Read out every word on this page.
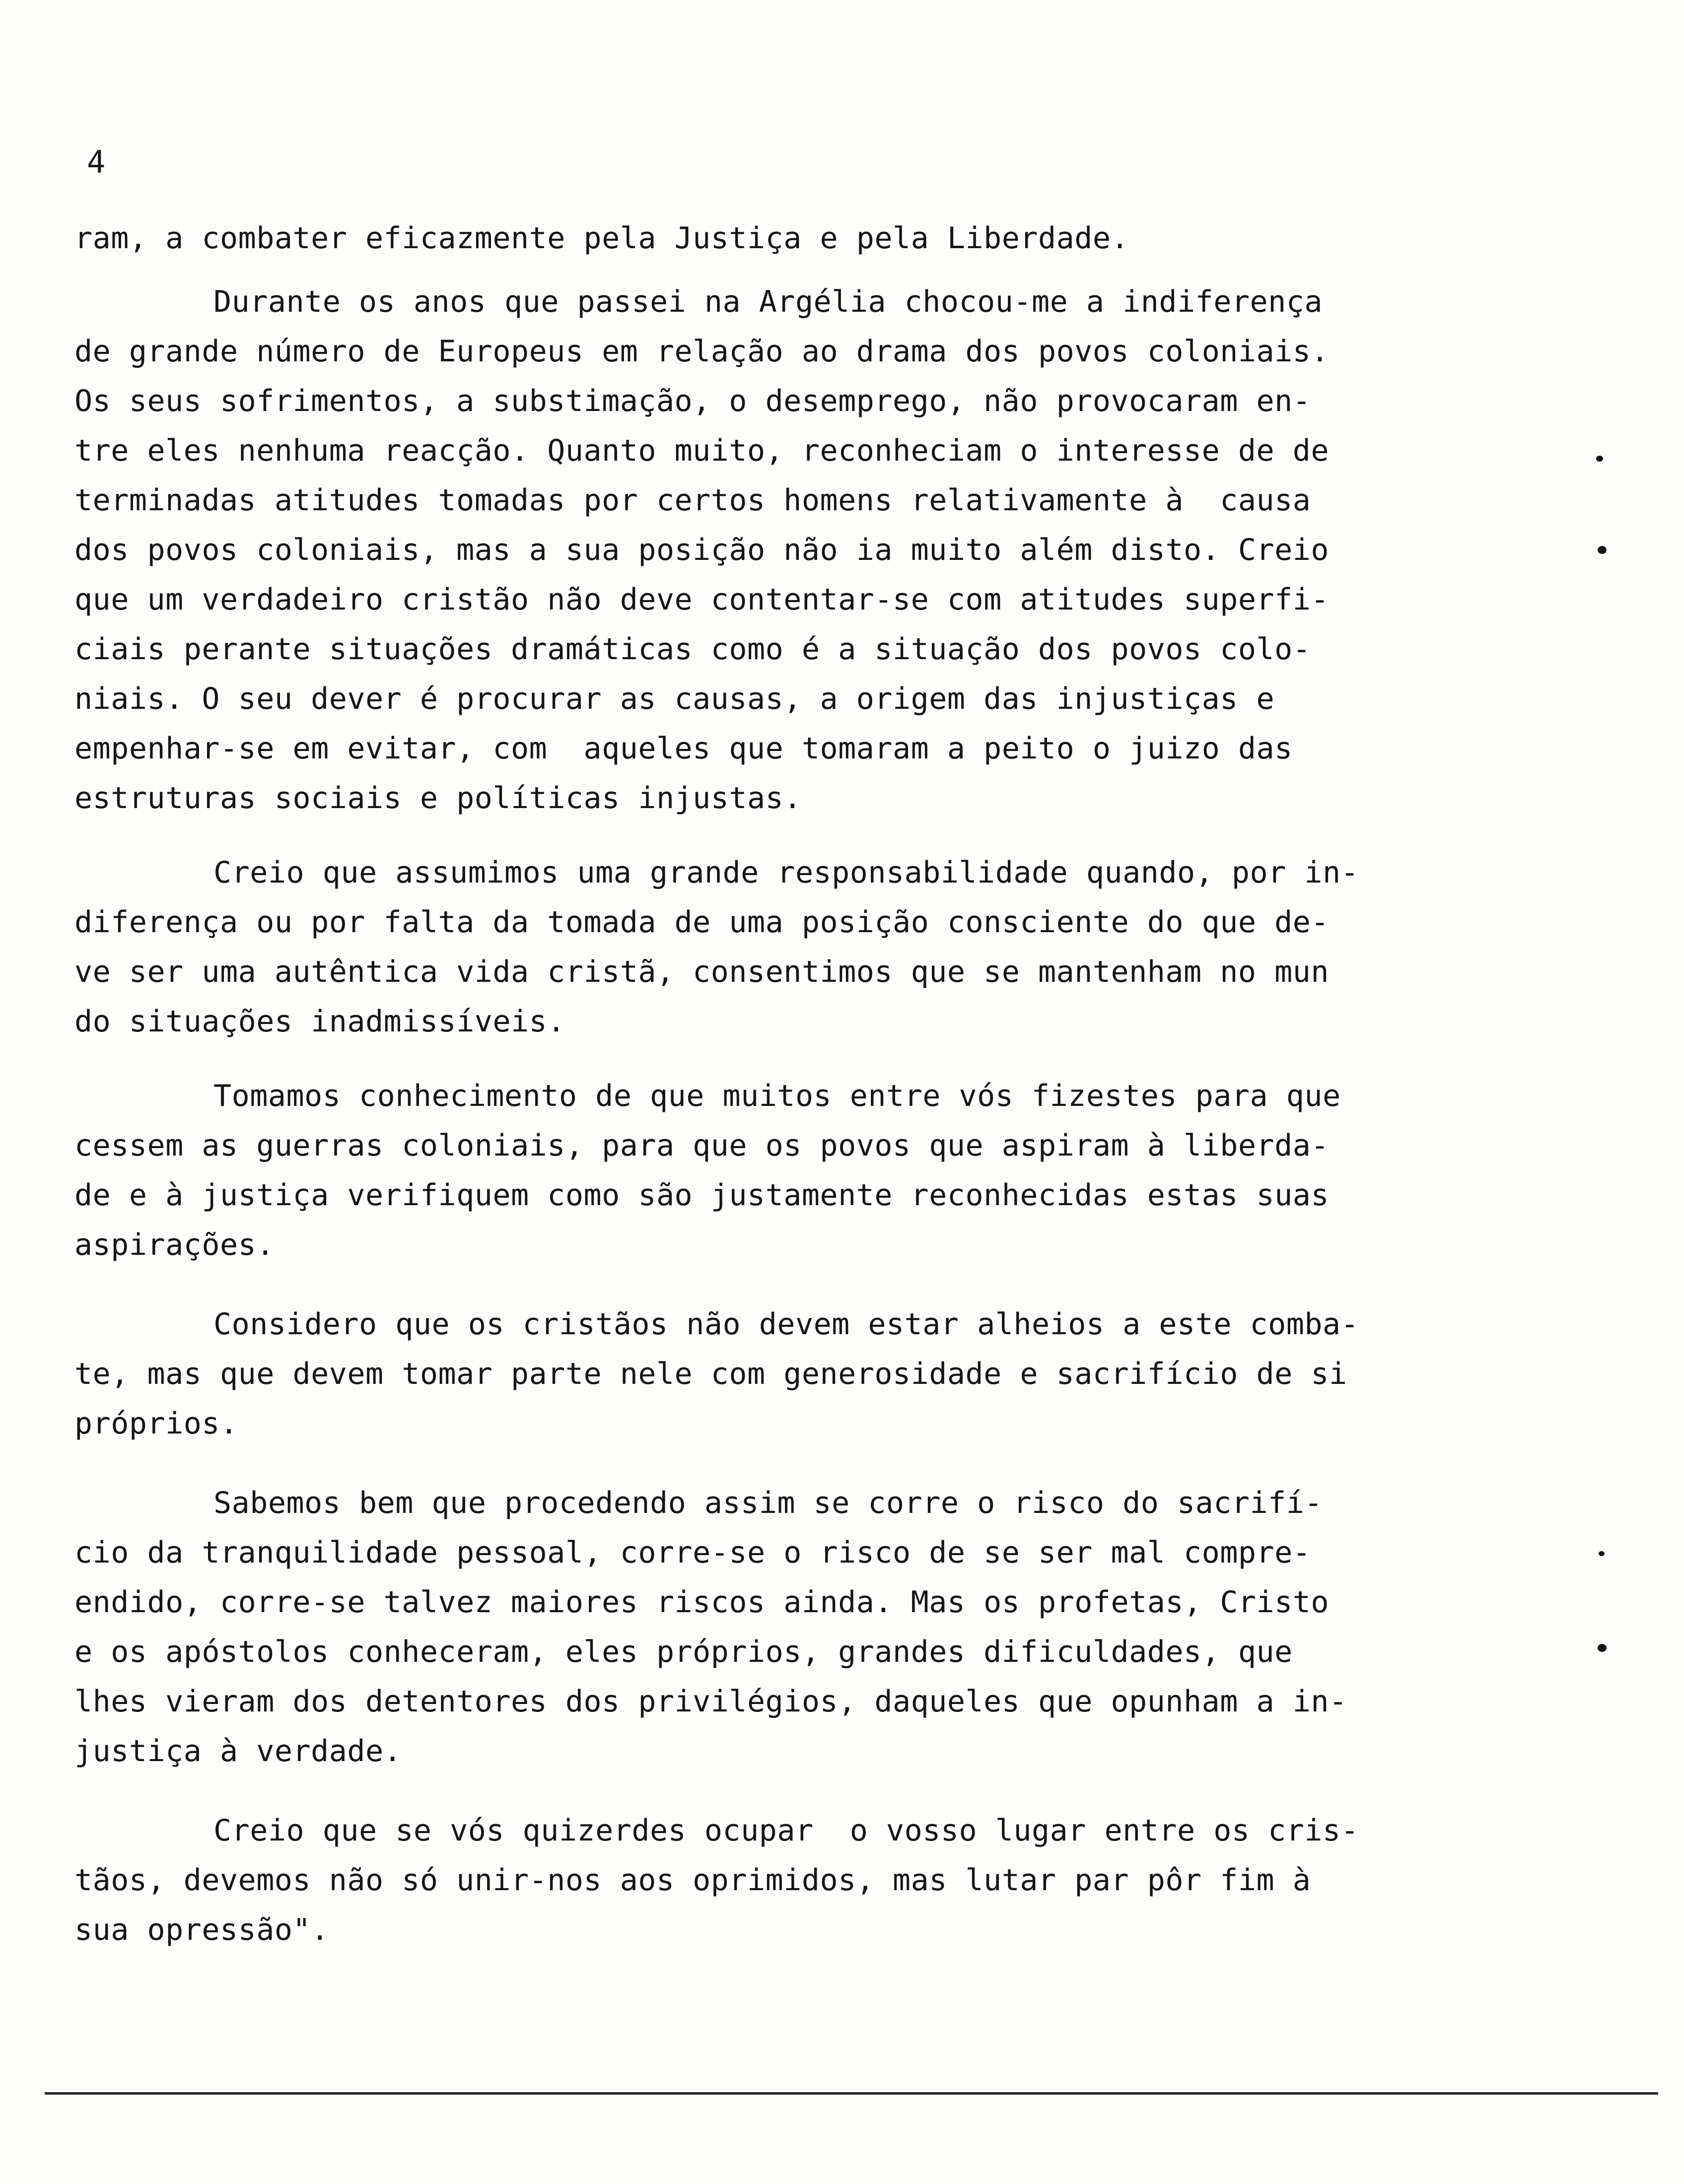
4
ram, a combater eficazmente pela Justiça e pela Liberdade.
Durante os anos que passei na Argélia chocou-me a indiferença
de grande número de Europeus em relação ao drama dos povos coloniais.
Os seus sofrimentos, a substimação, o desemprego, não provocaram en-
tre eles nenhuma reacção. Quanto muito, reconheciam o interesse de de
terminadas atitudes tomadas por certos homens relativamente à  causa
dos povos coloniais, mas a sua posição não ia muito além disto. Creio
que um verdadeiro cristão não deve contentar-se com atitudes superfi-
ciais perante situações dramáticas como é a situação dos povos colo-
niais. O seu dever é procurar as causas, a origem das injustiças e
empenhar-se em evitar, com  aqueles que tomaram a peito o juizo das
estruturas sociais e políticas injustas.
Creio que assumimos uma grande responsabilidade quando, por in-
diferença ou por falta da tomada de uma posição consciente do que de-
ve ser uma autêntica vida cristã, consentimos que se mantenham no mun
do situações inadmissíveis.
Tomamos conhecimento de que muitos entre vós fizestes para que
cessem as guerras coloniais, para que os povos que aspiram à liberda-
de e à justiça verifiquem como são justamente reconhecidas estas suas
aspirações.
Considero que os cristãos não devem estar alheios a este comba-
te, mas que devem tomar parte nele com generosidade e sacrifício de si
próprios.
Sabemos bem que procedendo assim se corre o risco do sacrifí-
cio da tranquilidade pessoal, corre-se o risco de se ser mal compre-
endido, corre-se talvez maiores riscos ainda. Mas os profetas, Cristo
e os apóstolos conheceram, eles próprios, grandes dificuldades, que
lhes vieram dos detentores dos privilégios, daqueles que opunham a in-
justiça à verdade.
Creio que se vós quizerdes ocupar  o vosso lugar entre os cris-
tãos, devemos não só unir-nos aos oprimidos, mas lutar par pôr fim à
sua opressão".
